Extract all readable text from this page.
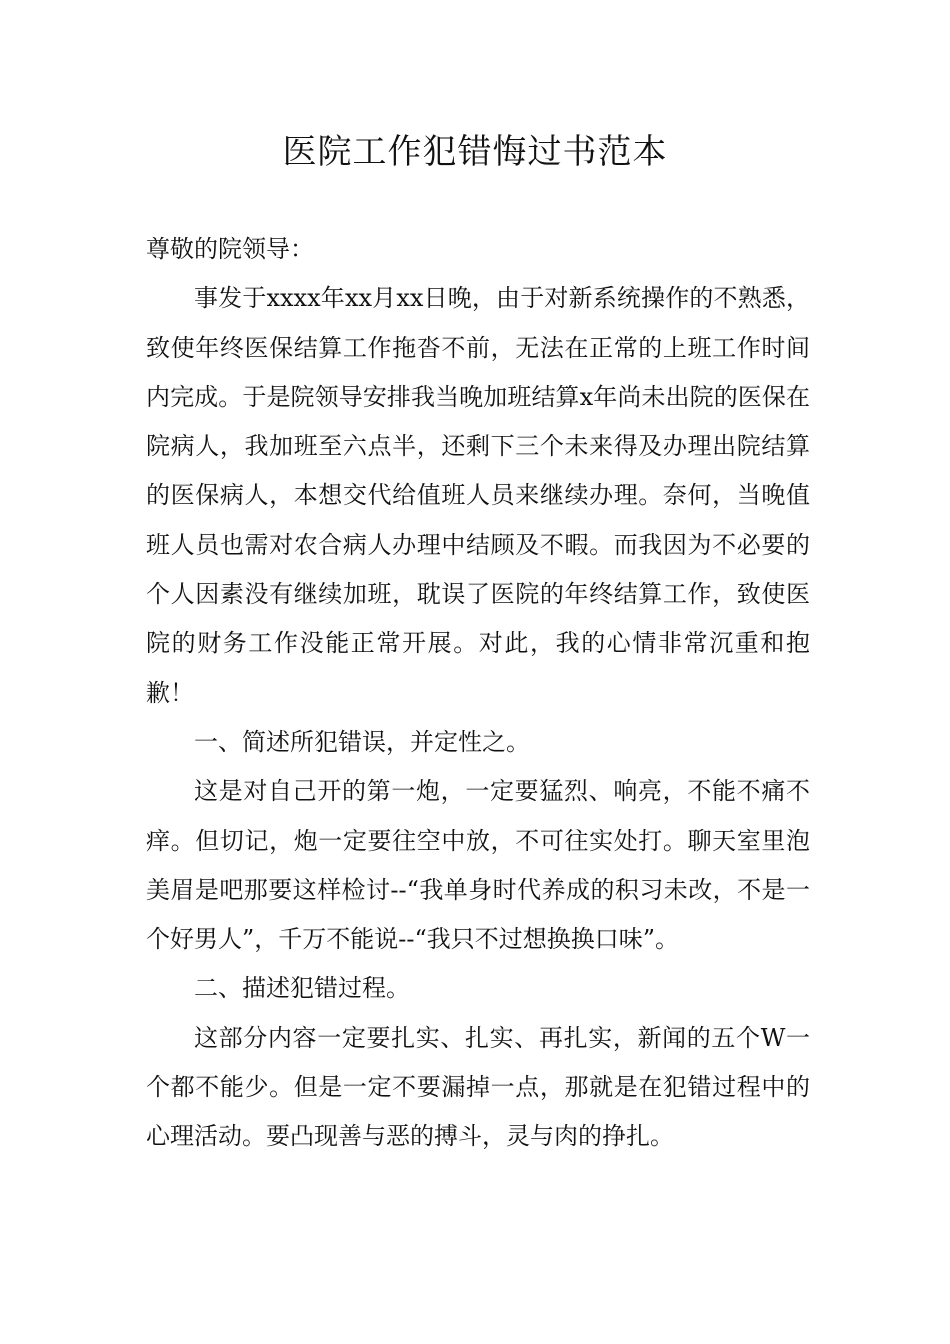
医院工作犯错悔过书范本

尊敬的院领导：

事发于xxxx年xx月xx日晚，由于对新系统操作的不熟悉，致使年终医保结算工作拖沓不前，无法在正常的上班工作时间内完成。于是院领导安排我当晚加班结算x年尚未出院的医保在院病人，我加班至六点半，还剩下三个未来得及办理出院结算的医保病人，本想交代给值班人员来继续办理。奈何，当晚值班人员也需对农合病人办理中结顾及不暇。而我因为不必要的个人因素没有继续加班，耽误了医院的年终结算工作，致使医院的财务工作没能正常开展。对此，我的心情非常沉重和抱歉！

一、简述所犯错误，并定性之。

这是对自己开的第一炮，一定要猛烈、响亮，不能不痛不痒。但切记，炮一定要往空中放，不可往实处打。聊天室里泡美眉是吧那要这样检讨--“我单身时代养成的积习未改，不是一个好男人”，千万不能说--“我只不过想换换口味”。

二、描述犯错过程。

这部分内容一定要扎实、扎实、再扎实，新闻的五个W一个都不能少。但是一定不要漏掉一点，那就是在犯错过程中的心理活动。要凸现善与恶的搏斗，灵与肉的挣扎。
